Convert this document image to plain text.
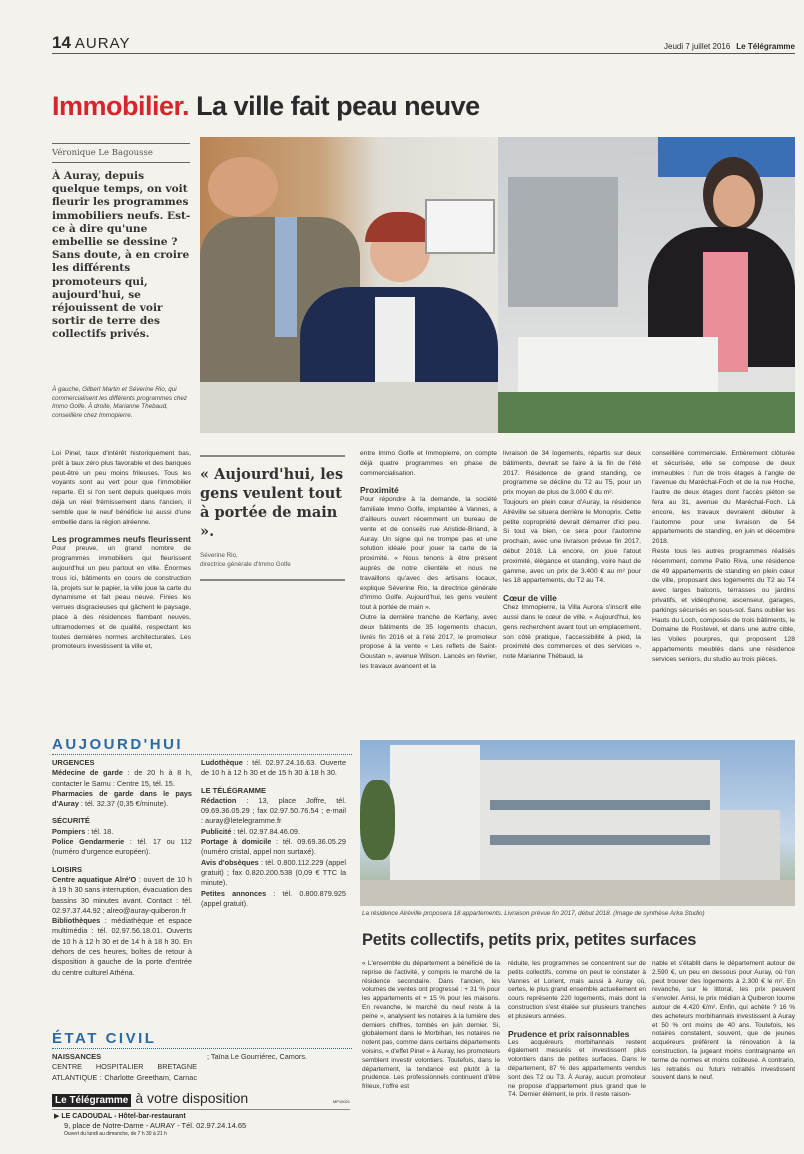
14 AURAY	Jeudi 7 juillet 2016 Le Télégramme
Immobilier. La ville fait peau neuve
Véronique Le Bagousse
À Auray, depuis quelque temps, on voit fleurir les programmes immobiliers neufs. Est-ce à dire qu'une embellie se dessine ? Sans doute, à en croire les différents promoteurs qui, aujourd'hui, se réjouissent de voir sortir de terre des collectifs privés.
À gauche, Gilbert Martin et Séverine Rio, qui commercialisent les différents programmes chez Immo Golfe. À droite, Marianne Thebaud, conseillère chez Immopierre.

Loi Pinel, taux d'intérêt historiquement bas, prêt à taux zéro plus favorable et des banques peut-être un peu moins frileuses. Tous les voyants sont au vert pour que l'immobilier reparte. Et si l'on sent depuis quelques mois déjà un réel frémissement dans l'ancien, il semble que le neuf bénéficie lui aussi d'une embellie dans la région alréenne.

Les programmes neufs fleurissent

Pour preuve, un grand nombre de programmes immobiliers qui fleurissent aujourd'hui un peu partout en ville. Énormes trous ici, bâtiments en cours de construction là, projets sur le papier, la ville joue la carte du dynamisme et fait peau neuve. Finies les verrues disgracieuses qui gâchent le paysage, place à des résidences flambant neuves, ultramodernes et de qualité, respectant les toutes dernières normes architecturales. Les promoteurs investissent la ville et,

« Aujourd'hui, les gens veulent tout à portée de main ».
Séverine Rio,
directrice générale d'Immo Golfe

entre Immo Golfe et Immopierre, on compte déjà quatre programmes en phase de commercialisation.

Proximité

Pour répondre à la demande, la société familiale Immo Golfe, implantée à Vannes, a d'ailleurs ouvert récemment un bureau de vente et de conseils rue Aristide-Briand, à Auray. Un signe qui ne trompe pas et une solution idéale pour jouer la carte de la proximité. « Nous tenons à être présent auprès de notre clientèle et nous ne travaillons qu'avec des artisans locaux, explique Séverine Rio, la directrice générale d'Immo Golfe. Aujourd'hui, les gens veulent tout à portée de main ».

Outre la dernière tranche de Kerfany, avec deux bâtiments de 35 logements chacun, livrés fin 2016 et à l'été 2017, le promoteur propose à la vente « Les reflets de Saint-Goustan », avenue Wilson. Lancés en février, les travaux avancent et la

livraison de 34 logements, répartis sur deux bâtiments, devrait se faire à la fin de l'été 2017. Résidence de grand standing, ce programme se décline du T2 au T5, pour un prix moyen de plus de 3.000 € du m².

Toujours en plein cœur d'Auray, la résidence Alréville se situera derrière le Monoprix. Cette petite copropriété devrait démarrer d'ici peu. Si tout va bien, ce sera pour l'automne prochain, avec une livraison prévue fin 2017, début 2018. Là encore, on joue l'atout proximité, élégance et standing, voire haut de gamme, avec un prix de 3.400 € au m² pour les 18 appartements, du T2 au T4.

Cœur de ville

Chez Immopierre, la Villa Aurora s'inscrit elle aussi dans le cœur de ville. « Aujourd'hui, les gens recherchent avant tout un emplacement, son côté pratique, l'accessibilité à pied, la proximité des commerces et des services », note Marianne Thébaud, la

conseillère commerciale. Entièrement clôturée et sécurisée, elle se compose de deux immeubles : l'un de trois étages à l'angle de l'avenue du Maréchal-Foch et de la rue Hoche, l'autre de deux étages dont l'accès piéton se fera au 31, avenue du Maréchal-Foch. Là encore, les travaux devraient débuter à l'automne pour une livraison de 54 appartements de standing, en juin et décembre 2018.

Reste tous les autres programmes réalisés récemment, comme Patio Riva, une résidence de 49 appartements de standing en plein cœur de ville, proposant des logements du T2 au T4 avec larges balcons, terrasses ou jardins privatifs, et vidéophone, ascenseur, garages, parkings sécurisés en sous-sol. Sans oublier les Hauts du Loch, composés de trois bâtiments, le Domaine de Rostevel, et dans une autre cible, les Voiles pourpres, qui proposent 128 appartements meublés dans une résidence services seniors, du studio au trois pièces.

AUJOURD'HUI
URGENCES
Médecine de garde : de 20 h à 8 h, contacter le Samu : Centre 15, tél. 15.
Pharmacies de garde dans le pays d'Auray : tél. 32.37 (0,35 €/minute).
SÉCURITÉ
Pompiers : tél. 18.
Police Gendarmerie : tél. 17 ou 112 (numéro d'urgence européen).
LOISIRS
Centre aquatique Alré'O : ouvert de 10 h à 19 h 30 sans interruption, évacuation des bassins 30 minutes avant. Contact : tél. 02.97.37.44.92 ; alreo@auray-quiberon.fr
Bibliothèques : médiathèque et espace multimédia : tél. 02.97.56.18.01. Ouverts de 10 h à 12 h 30 et de 14 h à 18 h 30. En dehors de ces heures, boîtes de retour à disposition à gauche de la porte d'entrée du centre culturel Athéna.
Ludothèque : tél. 02.97.24.16.63. Ouverte de 10 h à 12 h 30 et de 15 h 30 à 18 h 30.
LE TÉLÉGRAMME
Rédaction : 13, place Joffre, tél. 09.69.36.05.29 ; fax 02.97.50.76.54 ; e-mail : auray@letelegramme.fr
Publicité : tél. 02.97.84.46.09.
Portage à domicile : tél. 09.69.36.05.29 (numéro cristal, appel non surtaxé).
Avis d'obsèques : tél. 0.800.112.229 (appel gratuit) ; fax 0.820.200.538 (0,09 € TTC la minute).
Petites annonces : tél. 0.800.879.925 (appel gratuit).
ÉTAT CIVIL
NAISSANCES
CENTRE HOSPITALIER BRETAGNE ATLANTIQUE : Charlotte Greetham, Carnac ; Taïna Le Gourriérec, Camors.
Le Télégramme à votre disposition	MP10021
▶ LE CADOUDAL - Hôtel-bar-restaurant
9, place de Notre-Dame - AURAY - Tél. 02.97.24.14.65
Ouvert du lundi au dimanche, de 7 h 30 à 21 h
La résidence Alréville proposera 18 appartements. Livraison prévue fin 2017, début 2018. (Image de synthèse Arka Studio)
Petits collectifs, petits prix, petites surfaces

« L'ensemble du département a bénéficié de la reprise de l'activité, y compris le marché de la résidence secondaire. Dans l'ancien, les volumes de ventes ont progressé : + 31 % pour les appartements et + 15 % pour les maisons. En revanche, le marché du neuf reste à la peine », analysent les notaires à la lumière des derniers chiffres, tombés en juin dernier. Si, globalement dans le Morbihan, les notaires ne notent pas, comme dans certains départements voisins, « d'effet Pinel » à Auray, les promoteurs semblent investir volontiers. Toutefois, dans le département, la tendance est plutôt à la prudence. Les professionnels continuent d'être frileux, l'offre est

réduite, les programmes se concentrent sur de petits collectifs, comme on peut le constater à Vannes et Lorient, mais aussi à Auray où, certes, le plus grand ensemble actuellement en cours représente 220 logements, mais dont la construction s'est étalée sur plusieurs tranches et plusieurs années.

Prudence et prix raisonnables

Les acquéreurs morbihannais restent également mesurés et investissent plus volontiers dans de petites surfaces. Dans le département, 87 % des appartements vendus sont des T2 ou T3. À Auray, aucun promoteur ne propose d'appartement plus grand que le T4. Dernier élément, le prix. Il reste raison-

nable et s'établit dans le département autour de 2.590 €, un peu en dessous pour Auray, où l'on peut trouver des logements à 2.300 € le m². En revanche, sur le littoral, les prix peuvent s'envoler. Ainsi, le prix médian à Quiberon tourne autour de 4.420 €/m². Enfin, qui achète ? 16 % des acheteurs morbihannais investissent à Auray et 50 % ont moins de 40 ans. Toutefois, les notaires constatent, souvent, que de jeunes acquéreurs préfèrent la rénovation à la construction, la jugeant moins contraignante en terme de normes et moins coûteuse. A contrario, les retraités ou futurs retraités investissent souvent dans le neuf.
